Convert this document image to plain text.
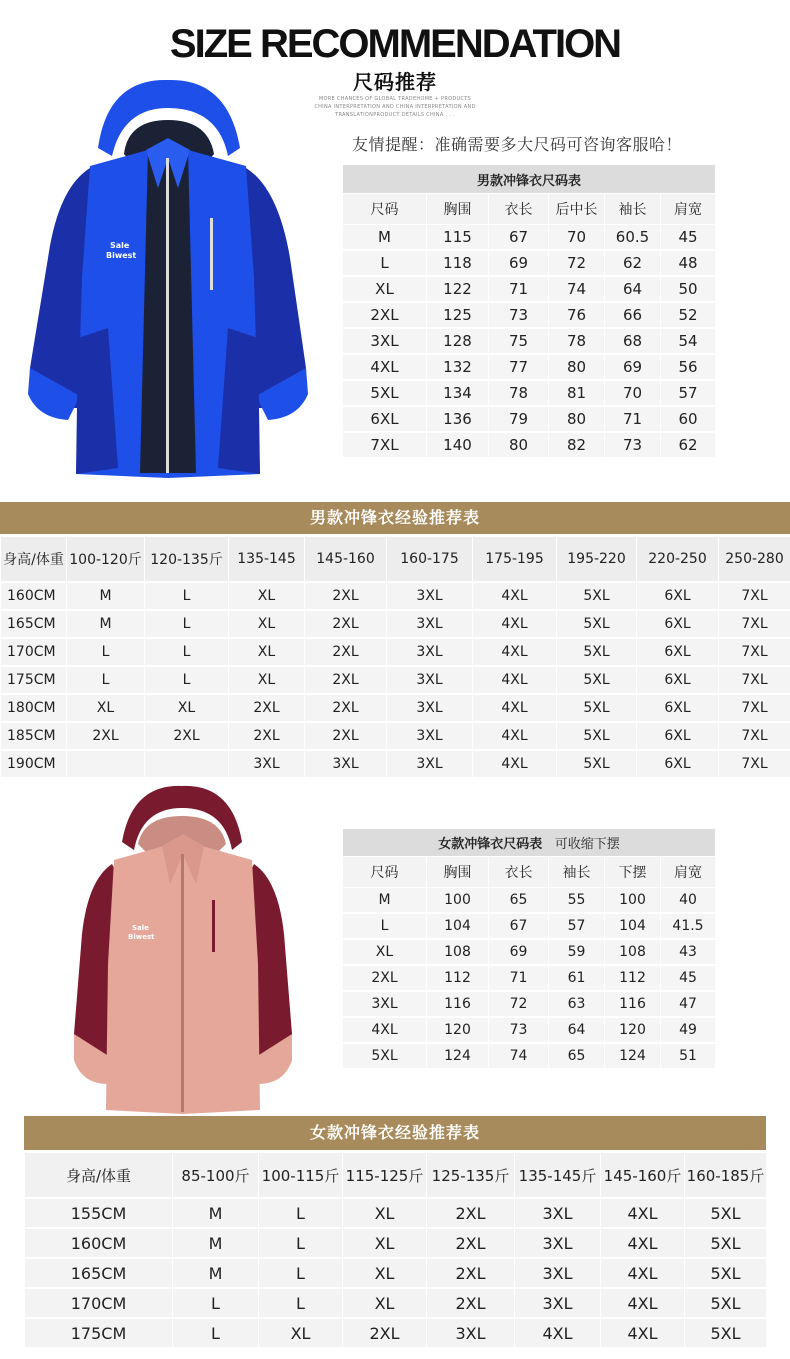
SIZE RECOMMENDATION
尺码推荐
MORE CHANCES OF GLOBAL TRADEHOME + PRODUCTS
CHINA INTERPRETATION AND CHINA INTERPRETATION AND
TRANSLATIONPRODUCT DETAILS CHINA . . .
友情提醒：准确需要多大尺码可咨询客服哈！
Sale
Biwest
男款冲锋衣尺码表					
尺码	胸围	衣长	后中长	袖长	肩宽
M	115	67	70	60.5	45
L	118	69	72	62	48
XL	122	71	74	64	50
2XL	125	73	76	66	52
3XL	128	75	78	68	54
4XL	132	77	80	69	56
5XL	134	78	81	70	57
6XL	136	79	80	71	60
7XL	140	80	82	73	62
男款冲锋衣经验推荐表
身高/体重	100-120斤	120-135斤	135-145	145-160	160-175	175-195	195-220	220-250	250-280
160CM	M	L	XL	2XL	3XL	4XL	5XL	6XL	7XL
165CM	M	L	XL	2XL	3XL	4XL	5XL	6XL	7XL
170CM	L	L	XL	2XL	3XL	4XL	5XL	6XL	7XL
175CM	L	L	XL	2XL	3XL	4XL	5XL	6XL	7XL
180CM	XL	XL	2XL	2XL	3XL	4XL	5XL	6XL	7XL
185CM	2XL	2XL	2XL	2XL	3XL	4XL	5XL	6XL	7XL
190CM			3XL	3XL	3XL	4XL	5XL	6XL	7XL
Sale
Biwest
女款冲锋衣尺码表 可收缩下摆					
尺码	胸围	衣长	袖长	下摆	肩宽
M	100	65	55	100	40
L	104	67	57	104	41.5
XL	108	69	59	108	43
2XL	112	71	61	112	45
3XL	116	72	63	116	47
4XL	120	73	64	120	49
5XL	124	74	65	124	51
女款冲锋衣经验推荐表
身高/体重	85-100斤	100-115斤	115-125斤	125-135斤	135-145斤	145-160斤	160-185斤
155CM	M	L	XL	2XL	3XL	4XL	5XL
160CM	M	L	XL	2XL	3XL	4XL	5XL
165CM	M	L	XL	2XL	3XL	4XL	5XL
170CM	L	L	XL	2XL	3XL	4XL	5XL
175CM	L	XL	2XL	3XL	4XL	4XL	5XL
